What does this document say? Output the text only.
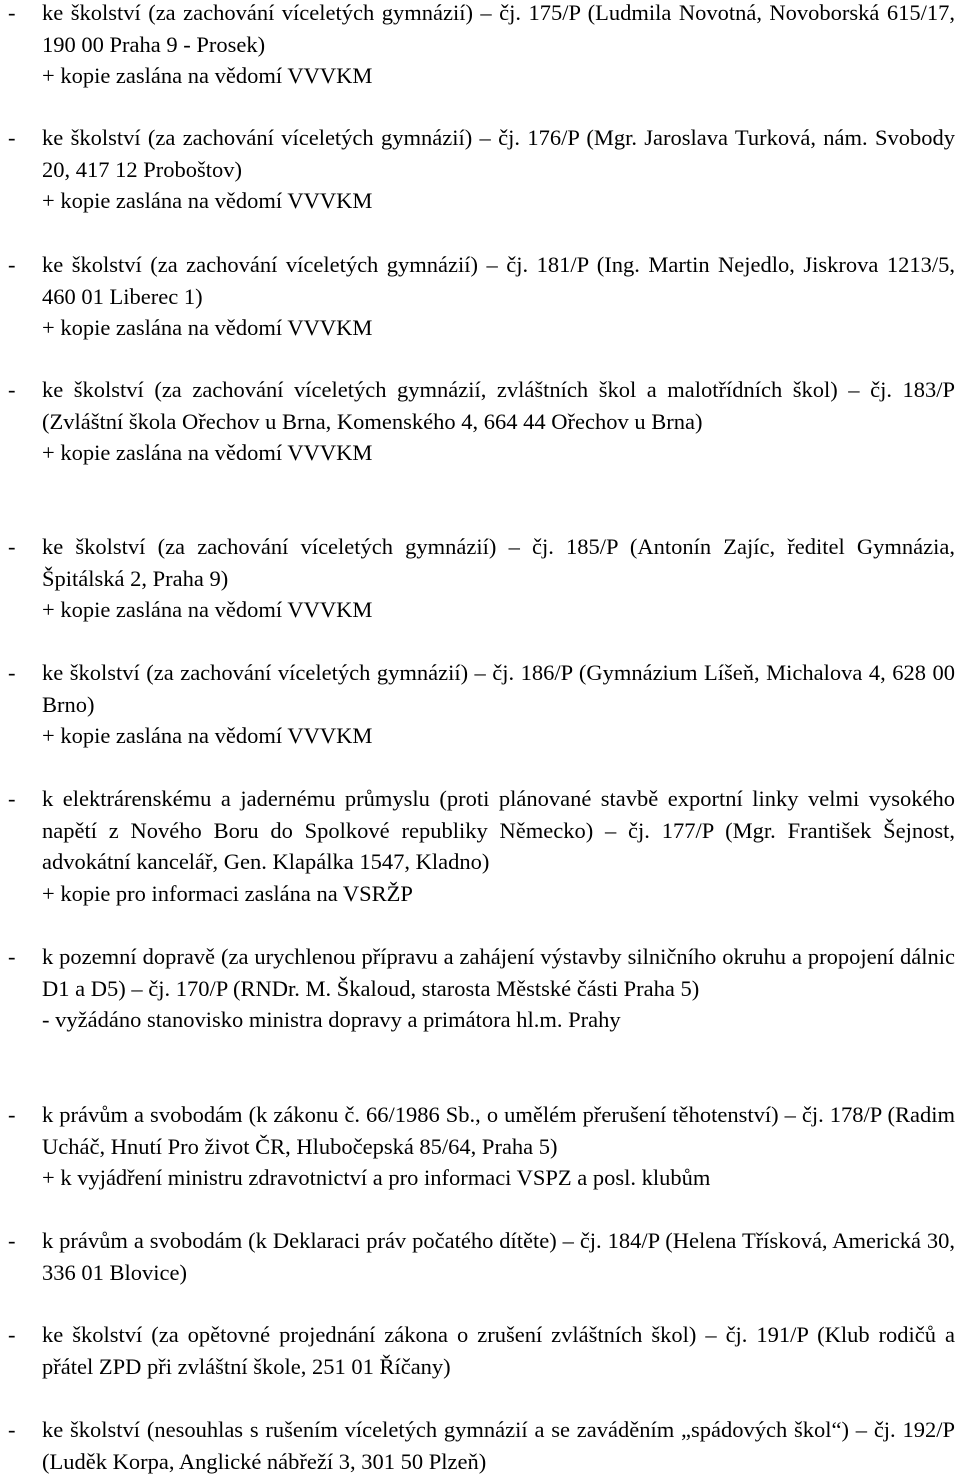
-	ke školství (za zachování víceletých gymnázií) – čj. 175/P (Ludmila Novotná, Novoborská 615/17, 190 00 Praha 9 - Prosek)
+ kopie zaslána na vědomí VVVKM
-	ke školství (za zachování víceletých gymnázií) – čj. 176/P (Mgr. Jaroslava Turková, nám. Svobody 20, 417 12 Proboštov)
+ kopie zaslána na vědomí VVVKM
-	ke školství (za zachování víceletých gymnázií) – čj. 181/P (Ing. Martin Nejedlo, Jiskrova 1213/5, 460 01 Liberec 1)
+ kopie zaslána na vědomí VVVKM
-	ke školství (za zachování víceletých gymnázií, zvláštních škol a malotřídních škol) – čj. 183/P (Zvláštní škola Ořechov u Brna, Komenského 4, 664 44 Ořechov u Brna)
+ kopie zaslána na vědomí VVVKM
-	ke školství (za zachování víceletých gymnázií) – čj. 185/P (Antonín Zajíc, ředitel Gymnázia, Špitálská 2, Praha 9)
+ kopie zaslána na vědomí VVVKM
-	ke školství (za zachování víceletých gymnázií) – čj. 186/P (Gymnázium Líšeň, Michalova 4, 628 00 Brno)
+ kopie zaslána na vědomí VVVKM
-	k elektrárenskému a jadernému průmyslu (proti plánované stavbě exportní linky velmi vysokého napětí z Nového Boru do Spolkové republiky Německo) – čj. 177/P (Mgr. František Šejnost, advokátní kancelář, Gen. Klapálka 1547, Kladno)
+ kopie pro informaci zaslána na VSRŽP
-	k pozemní dopravě (za urychlenou přípravu a zahájení výstavby silničního okruhu a propojení dálnic D1 a D5) – čj. 170/P (RNDr. M. Škaloud, starosta Městské části Praha 5)
- vyžádáno stanovisko ministra dopravy a primátora hl.m. Prahy
-	k právům a svobodám (k zákonu č. 66/1986 Sb., o umělém přerušení těhotenství) – čj. 178/P (Radim Ucháč, Hnutí Pro život ČR, Hlubočepská 85/64, Praha 5)
+ k vyjádření ministru zdravotnictví a pro informaci VSPZ a posl. klubům
-	k právům a svobodám (k Deklaraci práv počatého dítěte) – čj. 184/P (Helena Třísková, Americká 30, 336 01 Blovice)
-	ke školství (za opětovné projednání zákona o zrušení zvláštních škol) – čj. 191/P (Klub rodičů a přátel ZPD při zvláštní škole, 251 01 Říčany)
-	ke školství (nesouhlas s rušením víceletých gymnázií a se zaváděním „spádových škol“) – čj. 192/P (Luděk Korpa, Anglické nábřeží 3, 301 50 Plzeň)
